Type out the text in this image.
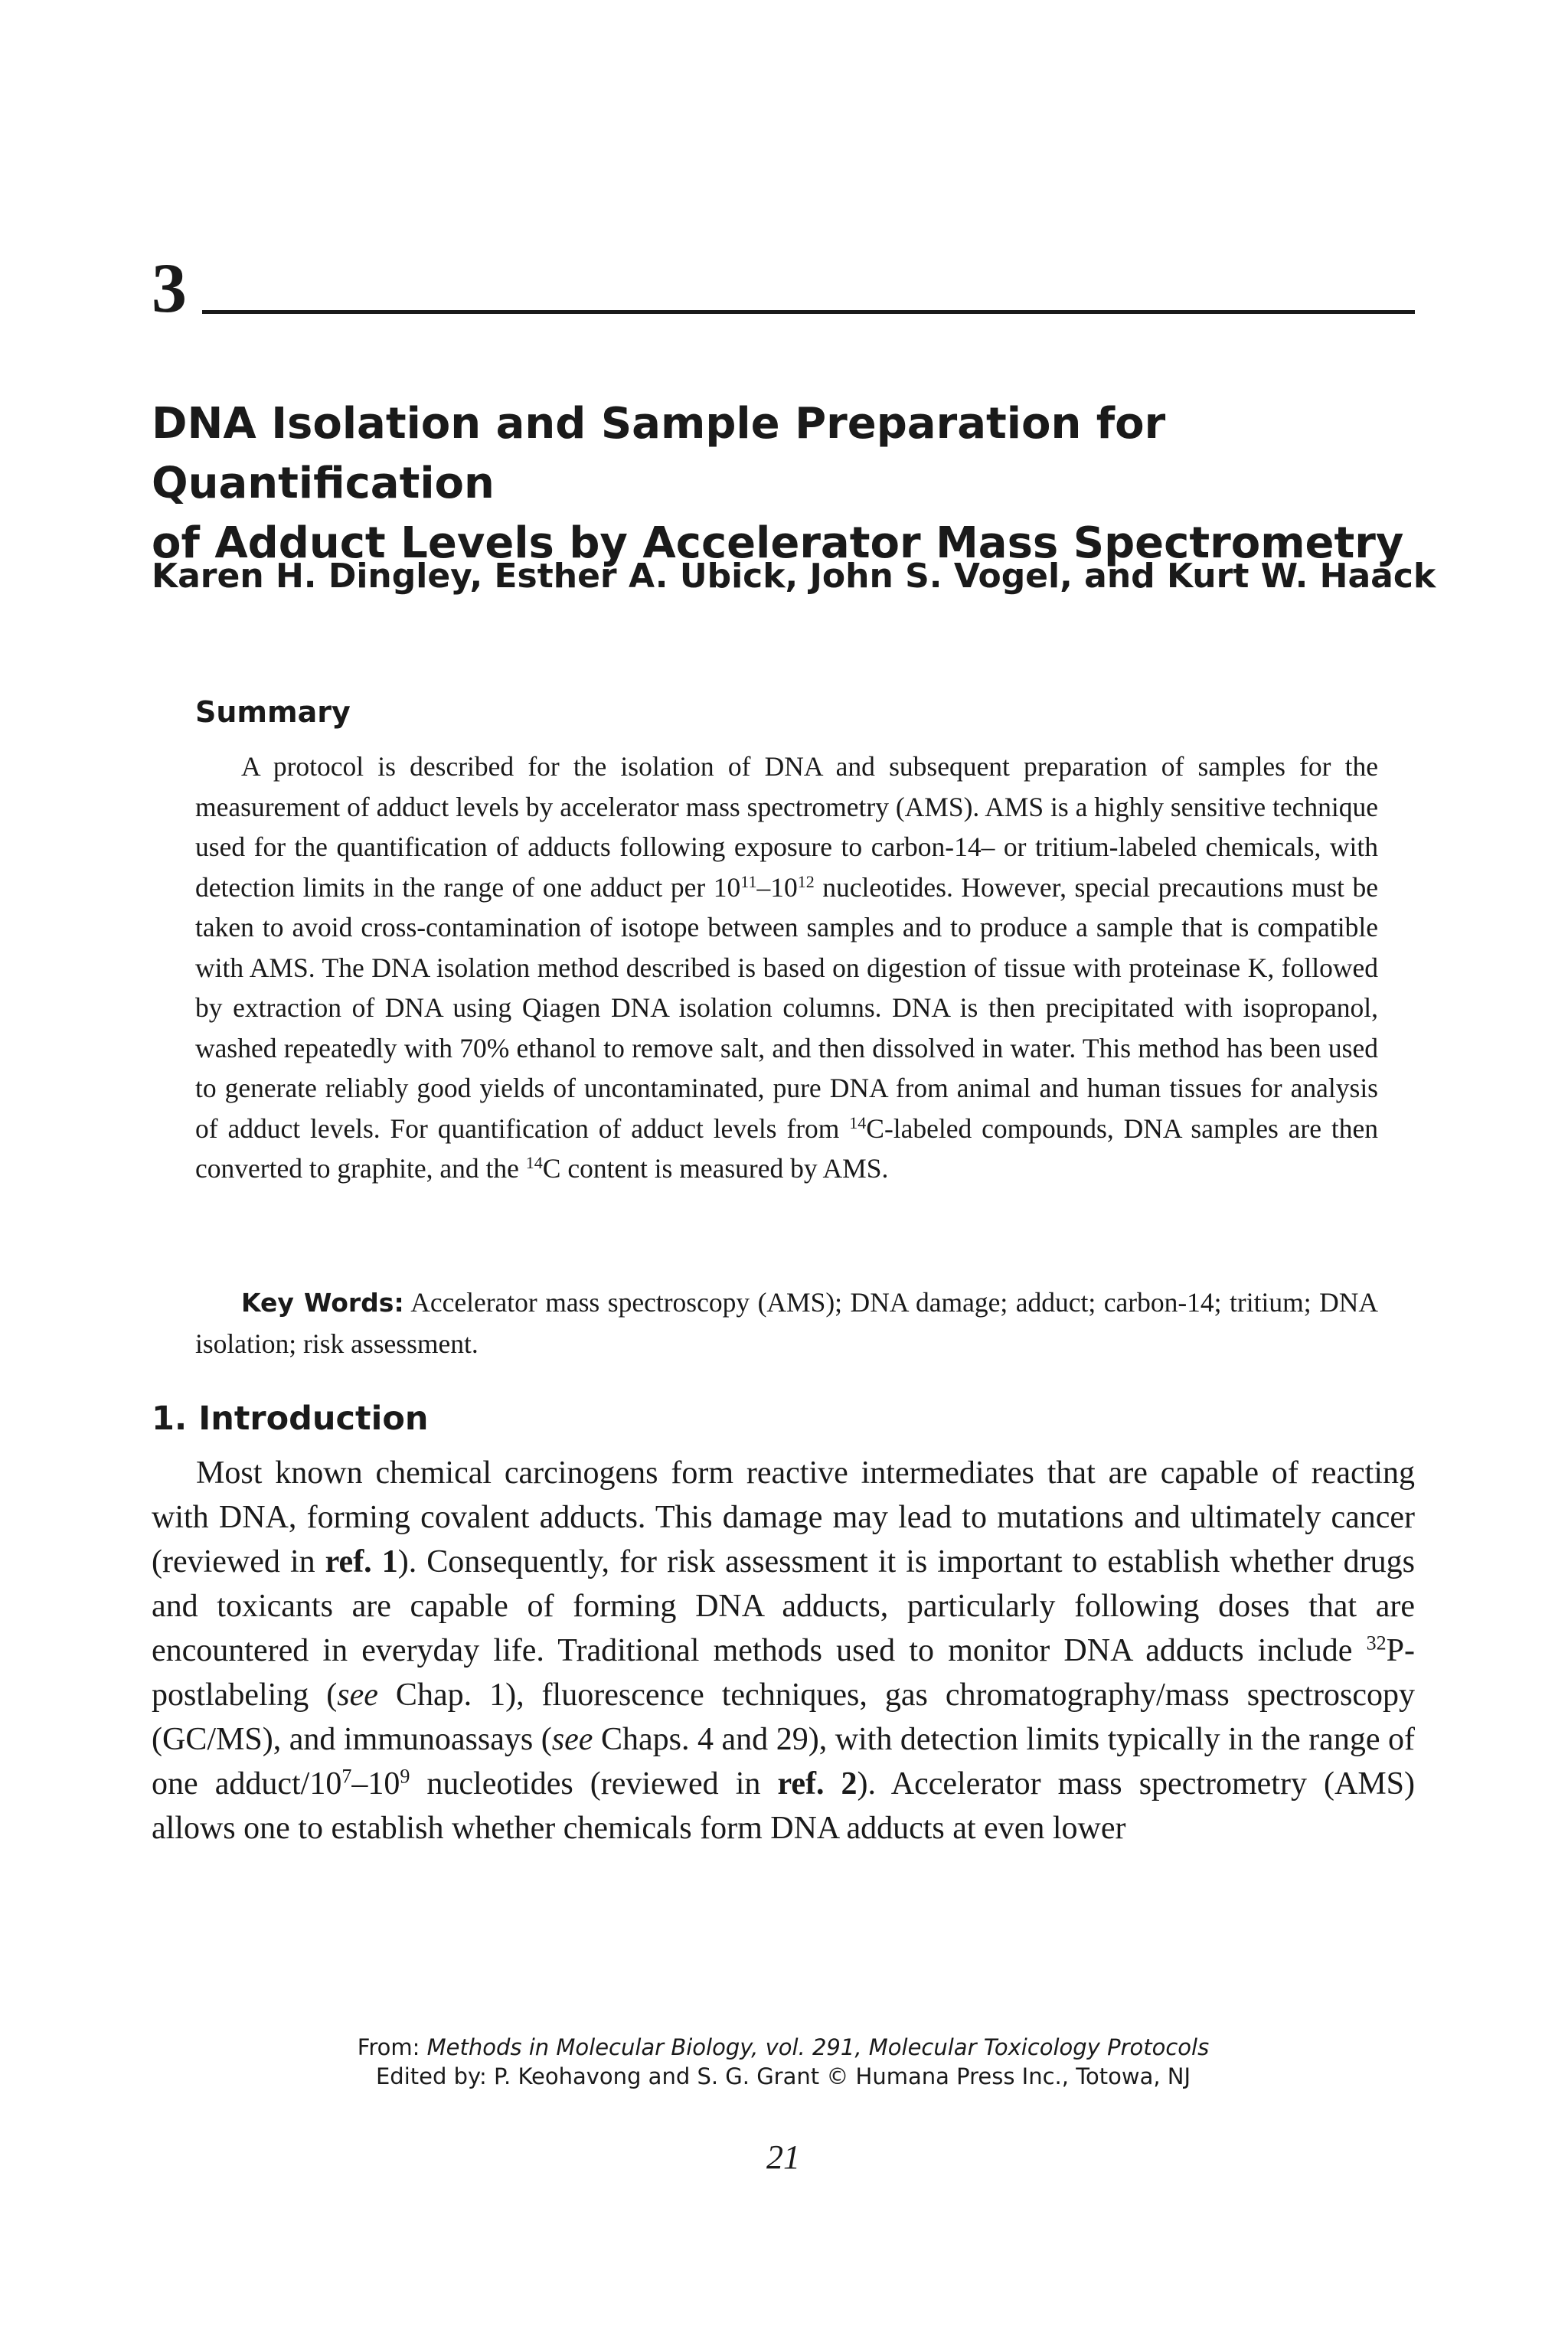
3
DNA Isolation and Sample Preparation for Quantification
of Adduct Levels by Accelerator Mass Spectrometry
Karen H. Dingley, Esther A. Ubick, John S. Vogel, and Kurt W. Haack
Summary

A protocol is described for the isolation of DNA and subsequent preparation of samples for the measurement of adduct levels by accelerator mass spectrometry (AMS). AMS is a highly sensitive technique used for the quantification of adducts following exposure to carbon-14– or tritium-labeled chemicals, with detection limits in the range of one adduct per $10^{11}-10^{12}$ nucleotides. However, special precautions must be taken to avoid cross-contamination of isotope between samples and to produce a sample that is compatible with AMS. The DNA isolation method described is based on digestion of tissue with proteinase K, followed by extraction of DNA using Qiagen DNA isolation columns. DNA is then precipitated with isopropanol, washed repeatedly with 70% ethanol to remove salt, and then dissolved in water. This method has been used to generate reliably good yields of uncontaminated, pure DNA from animal and human tissues for analysis of adduct levels. For quantification of adduct levels from $^{14}$C-labeled compounds, DNA samples are then converted to graphite, and the $^{14}$C content is measured by AMS.

Key Words: Accelerator mass spectroscopy (AMS); DNA damage; adduct; carbon-14; tritium; DNA isolation; risk assessment.

1. Introduction

Most known chemical carcinogens form reactive intermediates that are capable of reacting with DNA, forming covalent adducts. This damage may lead to mutations and ultimately cancer (reviewed in ref. 1). Consequently, for risk assessment it is important to establish whether drugs and toxicants are capable of forming DNA adducts, particularly following doses that are encountered in everyday life. Traditional methods used to monitor DNA adducts include $^{32}$P-postlabeling (see Chap. 1), fluorescence techniques, gas chromatography/mass spectroscopy (GC/MS), and immunoassays (see Chaps. 4 and 29), with detection limits typically in the range of one adduct/$10^7-10^9$ nucleotides (reviewed in ref. 2). Accelerator mass spectrometry (AMS) allows one to establish whether chemicals form DNA adducts at even lower

From: Methods in Molecular Biology, vol. 291, Molecular Toxicology Protocols
Edited by: P. Keohavong and S. G. Grant © Humana Press Inc., Totowa, NJ
21
